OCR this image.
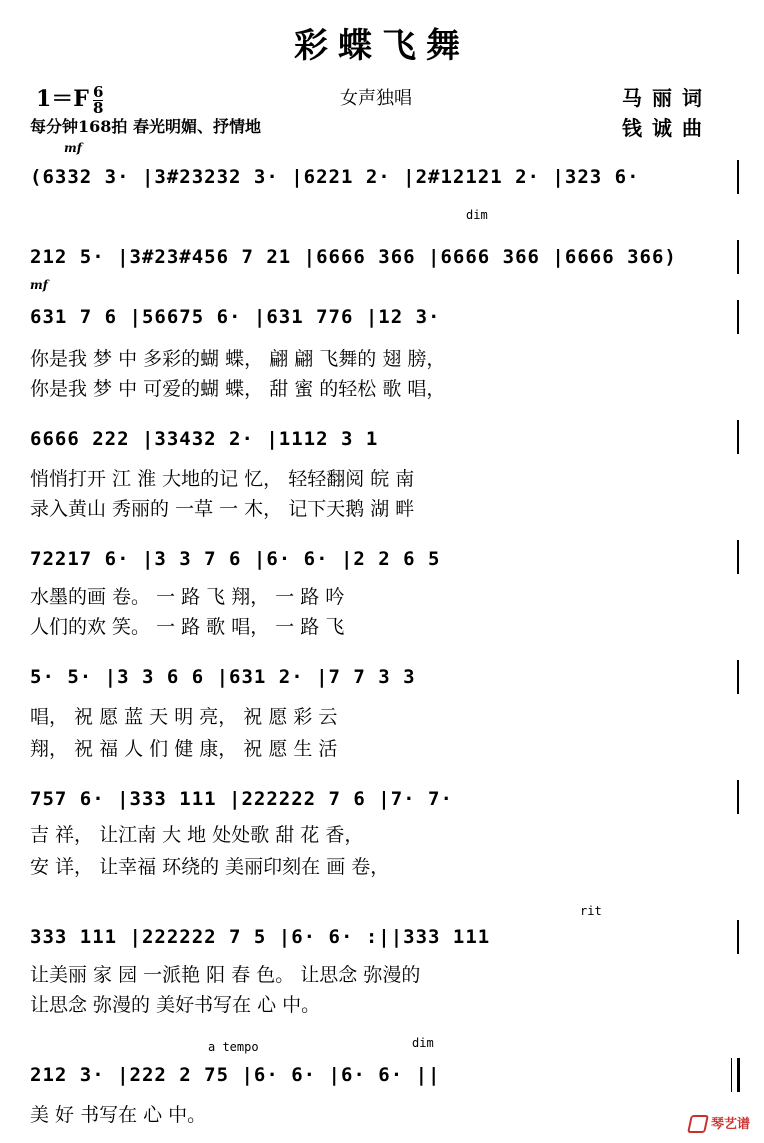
彩蝶飞舞
$1=F \frac{6}{8}$	女声独唱	马丽词
钱诚曲
每分钟168拍 春光明媚、抒情地
mf
dim
mf
rit
a tempo	dim
(6332 3· |3#23232 3· |6221 2· |2#12121 2· |323 6·
212 5· |3#23#456 7 21 |6666 366 |6666 366 |6666 366)
631 7 6 |56675 6· |631 776 |12 3·
你是我 梦 中 多彩的蝴 蝶， 翩 翩 飞舞的 翅 膀，
你是我 梦 中 可爱的蝴 蝶， 甜 蜜 的轻松 歌 唱，
6666 222 |33432 2· |1112 3 1
悄悄打开 江 淮 大地的记 忆， 轻轻翻阅 皖 南
录入黄山 秀丽的 一草 一 木， 记下天鹅 湖 畔
72217 6· |3 3 7 6 |6· 6· |2 2 6 5
水墨的画 卷。 一 路 飞 翔， 一 路 吟
人们的欢 笑。 一 路 歌 唱， 一 路 飞
5· 5· |3 3 6 6 |631 2· |7 7 3 3
唱， 祝 愿 蓝 天 明 亮， 祝 愿 彩 云
翔， 祝 福 人 们 健 康， 祝 愿 生 活
757 6· |333 111 |222222 7 6 |7· 7·
吉 祥， 让江南 大 地 处处歌 甜 花 香，
安 详， 让幸福 环绕的 美丽印刻在 画 卷，
333 111 |222222 7 5 |6· 6· :||333 111
让美丽 家 园 一派艳 阳 春 色。 让思念 弥漫的
让思念 弥漫的 美好书写在 心 中。
212 3· |222 2 75 |6· 6· |6· 6· ||
美 好 书写在 心 中。	琴艺谱
